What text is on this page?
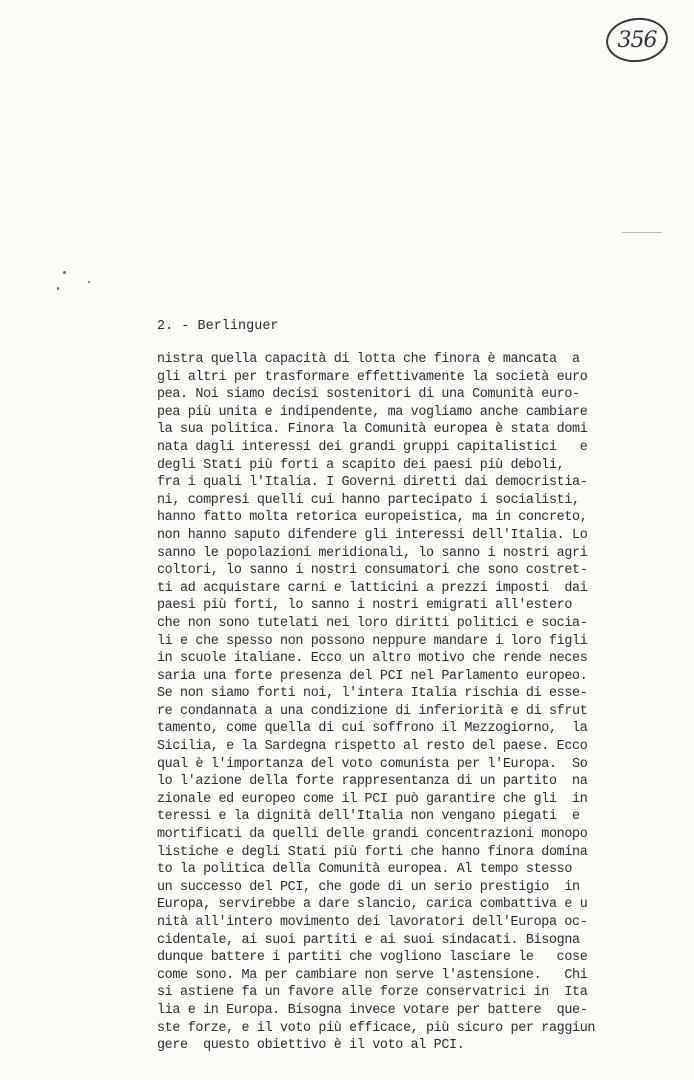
356
2. - Berlinguer
nistra quella capacità di lotta che finora è mancata  a
gli altri per trasformare effettivamente la società euro
pea. Noi siamo decisi sostenitori di una Comunità euro-
pea più unita e indipendente, ma vogliamo anche cambiare
la sua politica. Finora la Comunità europea è stata domi
nata dagli interessi dei grandi gruppi capitalistici   e
degli Stati più forti a scapito dei paesi più deboli,
fra i quali l'Italia. I Governi diretti dai democristia-
ni, compresi quelli cui hanno partecipato i socialisti,
hanno fatto molta retorica europeistica, ma in concreto,
non hanno saputo difendere gli interessi dell'Italia. Lo
sanno le popolazioni meridionali, lo sanno i nostri agri
coltori, lo sanno i nostri consumatori che sono costret-
ti ad acquistare carni e latticini a prezzi imposti  dai
paesi più forti, lo sanno i nostri emigrati all'estero
che non sono tutelati nei loro diritti politici e socia-
li e che spesso non possono neppure mandare i loro figli
in scuole italiane. Ecco un altro motivo che rende neces
saria una forte presenza del PCI nel Parlamento europeo.
Se non siamo forti noi, l'intera Italia rischia di esse-
re condannata a una condizione di inferiorità e di sfrut
tamento, come quella di cui soffrono il Mezzogiorno,  la
Sicilia, e la Sardegna rispetto al resto del paese. Ecco
qual è l'importanza del voto comunista per l'Europa.  So
lo l'azione della forte rappresentanza di un partito  na
zionale ed europeo come il PCI può garantire che gli  in
teressi e la dignità dell'Italia non vengano piegati  e
mortificati da quelli delle grandi concentrazioni monopo
listiche e degli Stati più forti che hanno finora domina
to la politica della Comunità europea. Al tempo stesso
un successo del PCI, che gode di un serio prestigio  in
Europa, servirebbe a dare slancio, carica combattiva e u
nità all'intero movimento dei lavoratori dell'Europa oc-
cidentale, ai suoi partiti e ai suoi sindacati. Bisogna
dunque battere i partiti che vogliono lasciare le   cose
come sono. Ma per cambiare non serve l'astensione.   Chi
si astiene fa un favore alle forze conservatrici in  Ita
lia e in Europa. Bisogna invece votare per battere  que-
ste forze, e il voto più efficace, più sicuro per raggiun
gere  questo obiettivo è il voto al PCI.
